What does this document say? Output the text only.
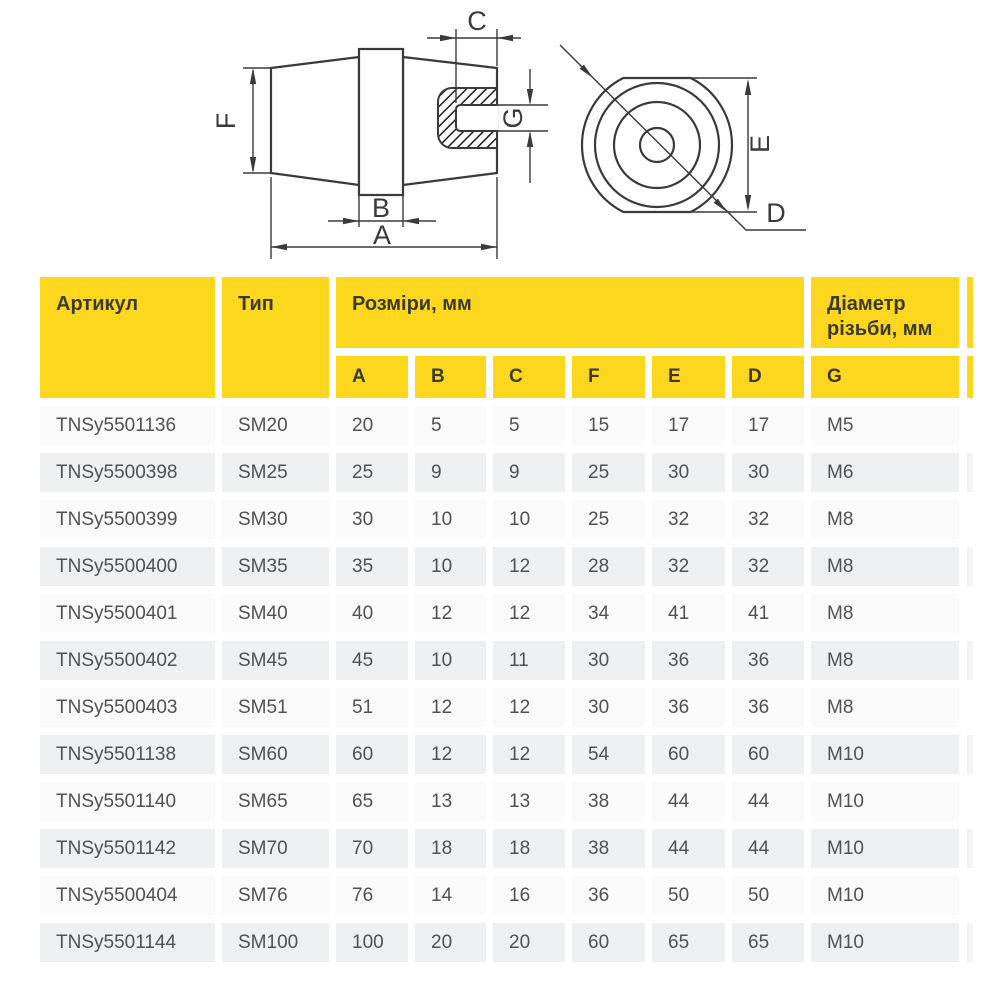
F
C
G
B
A
E
D
Артикул	Тип	Розміри, мм	Діаметр різьби, мм
A	B	C	F	E	D	G
TNSy5501136	SM20	20	5	5	15	17	17	M5
TNSy5500398	SM25	25	9	9	25	30	30	M6
TNSy5500399	SM30	30	10	10	25	32	32	M8
TNSy5500400	SM35	35	10	12	28	32	32	M8
TNSy5500401	SM40	40	12	12	34	41	41	M8
TNSy5500402	SM45	45	10	11	30	36	36	M8
TNSy5500403	SM51	51	12	12	30	36	36	M8
TNSy5501138	SM60	60	12	12	54	60	60	M10
TNSy5501140	SM65	65	13	13	38	44	44	M10
TNSy5501142	SM70	70	18	18	38	44	44	M10
TNSy5500404	SM76	76	14	16	36	50	50	M10
TNSy5501144	SM100	100	20	20	60	65	65	M10
